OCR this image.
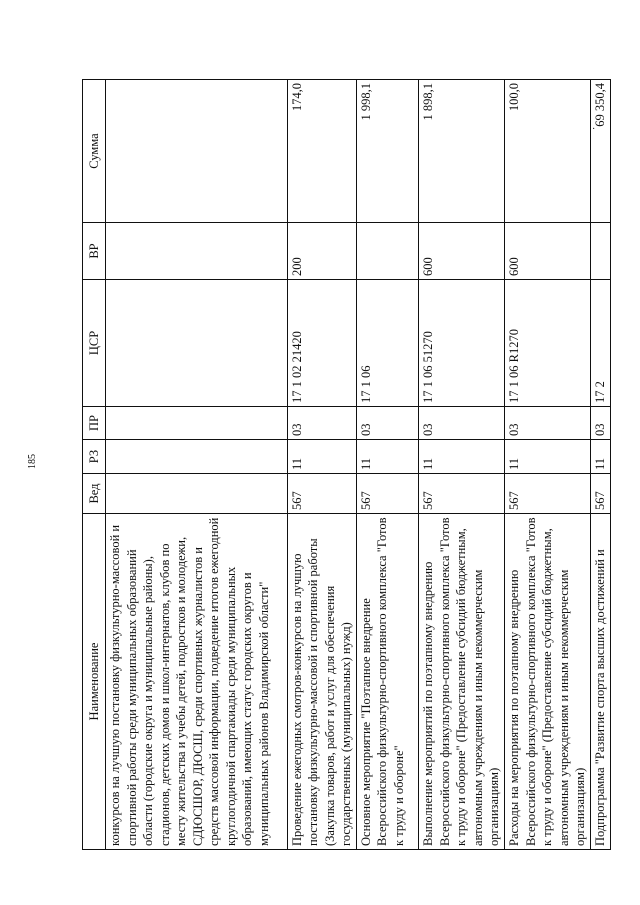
185
·
Наименование	Вед	РЗ	ПР	ЦСР	ВР	Сумма
конкурсов на лучшую постановку физкультурно-массовой и спортивной работы среди муниципальных образований области (городские округа и муниципальные районы), стадионов, детских домов и школ-интернатов, клубов по месту жительства и учебы детей, подростков и молодежи, СДЮСШОР, ДЮСШ, среди спортивных журналистов и средств массовой информации, подведение итогов ежегодной круглогодичной спартакиады среди муниципальных образований, имеющих статус городских округов и муниципальных районов Владимирской области"						
Проведение ежегодных смотров-конкурсов на лучшую постановку физкультурно-массовой и спортивной работы (Закупка товаров, работ и услуг для обеспечения государственных (муниципальных) нужд)	567	11	03	17 1 02 21420	200	174,0
Основное мероприятие "Поэтапное внедрение Всероссийского физкультурно-спортивного комплекса "Готов к труду и обороне"	567	11	03	17 1 06		1 998,1
Выполнение мероприятий по поэтапному внедрению Всероссийского физкультурно-спортивного комплекса "Готов к труду и обороне" (Предоставление субсидий бюджетным, автономным учреждениям и иным некоммерческим организациям)	567	11	03	17 1 06 51270	600	1 898,1
Расходы на мероприятия по поэтапному внедрению Всероссийского физкультурно-спортивного комплекса "Готов к труду и обороне" (Предоставление субсидий бюджетным, автономным учреждениям и иным некоммерческим организациям)	567	11	03	17 1 06 R1270	600	100,0
Подпрограмма "Развитие спорта высших достижений и	567	11	03	17 2		69 350,4
